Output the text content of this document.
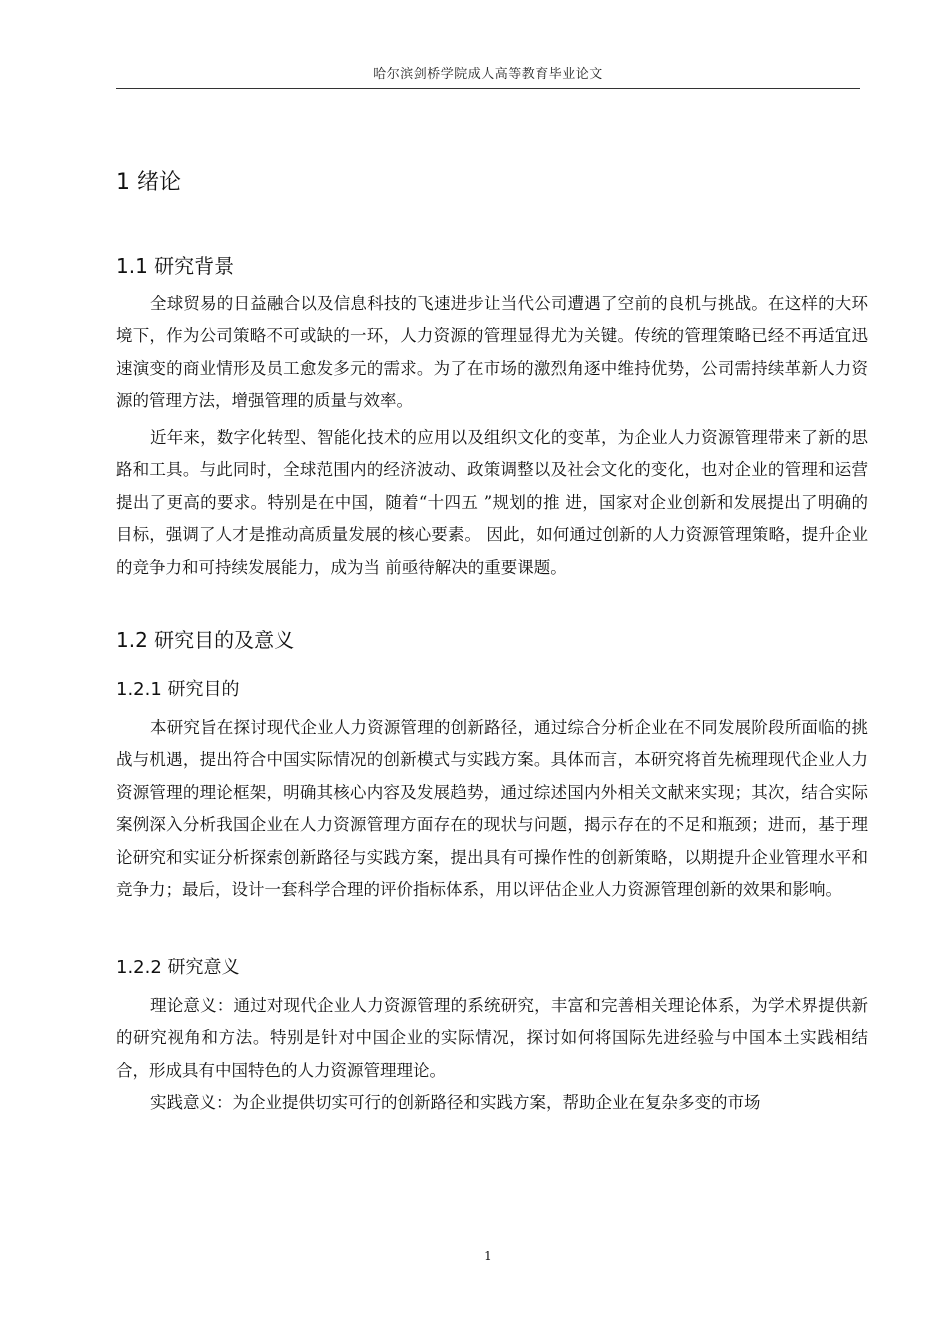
哈尔滨剑桥学院成人高等教育毕业论文
1 绪论
1.1 研究背景

全球贸易的日益融合以及信息科技的飞速进步让当代公司遭遇了空前的良机与挑战。在这样的大环境下，作为公司策略不可或缺的一环，人力资源的管理显得尤为关键。传统的管理策略已经不再适宜迅速演变的商业情形及员工愈发多元的需求。为了在市场的激烈角逐中维持优势，公司需持续革新人力资源的管理方法，增强管理的质量与效率。

近年来，数字化转型、智能化技术的应用以及组织文化的变革，为企业人力资源管理带来了新的思路和工具。与此同时，全球范围内的经济波动、政策调整以及社会文化的变化，也对企业的管理和运营提出了更高的要求。特别是在中国，随着“十四五 ”规划的推 进，国家对企业创新和发展提出了明确的目标，强调了人才是推动高质量发展的核心要素。 因此，如何通过创新的人力资源管理策略，提升企业的竞争力和可持续发展能力，成为当 前亟待解决的重要课题。

1.2 研究目的及意义
1.2.1 研究目的

本研究旨在探讨现代企业人力资源管理的创新路径，通过综合分析企业在不同发展阶段所面临的挑战与机遇，提出符合中国实际情况的创新模式与实践方案。具体而言，本研究将首先梳理现代企业人力资源管理的理论框架，明确其核心内容及发展趋势，通过综述国内外相关文献来实现；其次，结合实际案例深入分析我国企业在人力资源管理方面存在的现状与问题，揭示存在的不足和瓶颈；进而，基于理论研究和实证分析探索创新路径与实践方案，提出具有可操作性的创新策略，以期提升企业管理水平和竞争力；最后，设计一套科学合理的评价指标体系，用以评估企业人力资源管理创新的效果和影响。

1.2.2 研究意义

理论意义：通过对现代企业人力资源管理的系统研究，丰富和完善相关理论体系，为学术界提供新的研究视角和方法。特别是针对中国企业的实际情况，探讨如何将国际先进经验与中国本土实践相结合，形成具有中国特色的人力资源管理理论。

实践意义：为企业提供切实可行的创新路径和实践方案，帮助企业在复杂多变的市场

1
